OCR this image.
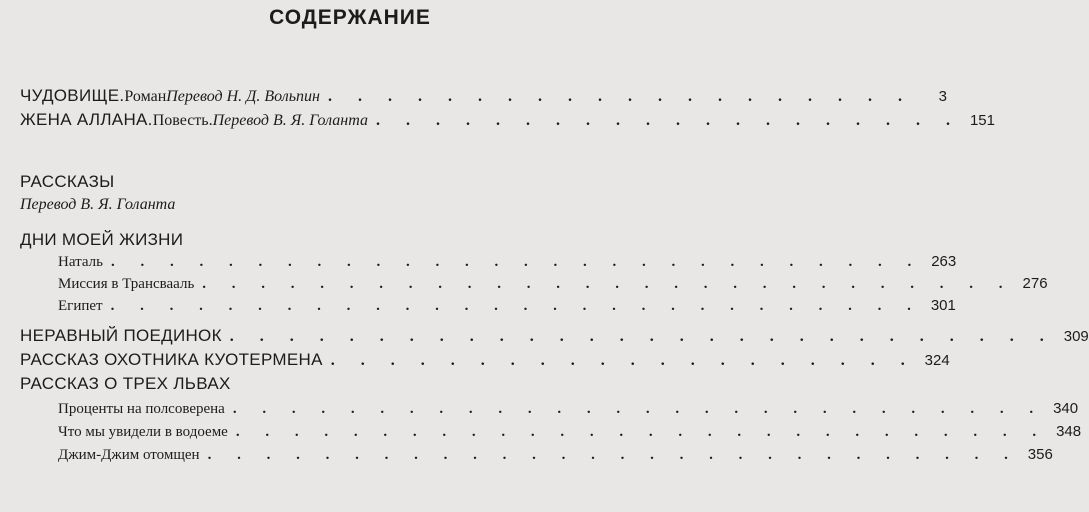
СОДЕРЖАНИЕ
ЧУДОВИЩЕ. Роман Перевод Н. Д. Вольпин . . . . . . . . . . . . . . . . . . . .	3
ЖЕНА АЛЛАНА. Повесть. Перевод В. Я. Голанта . . . . . . . . . . . . . . . . . . . . 151
РАССКАЗЫ
Перевод В. Я. Голанта
ДНИ МОЕЙ ЖИЗНИ
Наталь . . . . . . . . . . . . . . . . . . . . . . . . . . . . 263
Миссия в Трансвааль . . . . . . . . . . . . . . . . . . . . . . . . . . . . 276
Египет . . . . . . . . . . . . . . . . . . . . . . . . . . . . 301
НЕРАВНЫЙ ПОЕДИНОК . . . . . . . . . . . . . . . . . . . . . . . . . . . . 309
РАССКАЗ ОХОТНИКА КУОТЕРМЕНА . . . . . . . . . . . . . . . . . . . . 324
РАССКАЗ О ТРЕХ ЛЬВАХ
Проценты на полсоверена . . . . . . . . . . . . . . . . . . . . . . . . . . . . 340
Что мы увидели в водоеме . . . . . . . . . . . . . . . . . . . . . . . . . . . . 348
Джим-Джим отомщен . . . . . . . . . . . . . . . . . . . . . . . . . . . . 356
